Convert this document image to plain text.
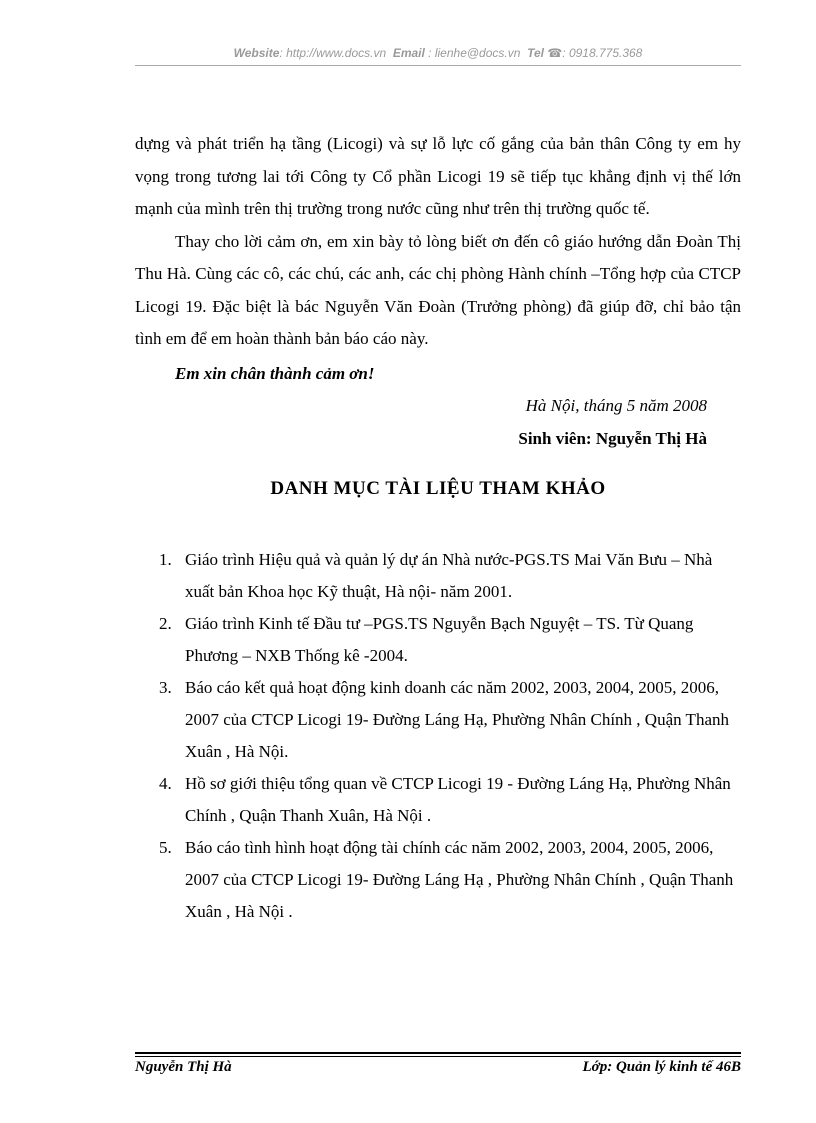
Website: http://www.docs.vn Email : lienhe@docs.vn Tel ☎: 0918.775.368

dựng và phát triển hạ tầng (Licogi) và sự lỗ lực cố gắng của bản thân Công ty em hy vọng trong tương lai tới Công ty Cổ phần Licogi 19 sẽ tiếp tục khẳng định vị thế lớn mạnh của mình trên thị trường trong nước cũng như trên thị trường quốc tế.

Thay cho lời cảm ơn, em xin bày tỏ lòng biết ơn đến cô giáo hướng dẫn Đoàn Thị Thu Hà. Cùng các cô, các chú, các anh, các chị phòng Hành chính –Tổng hợp của CTCP Licogi 19. Đặc biệt là bác Nguyễn Văn Đoàn (Trưởng phòng) đã giúp đỡ, chỉ bảo tận tình em để em hoàn thành bản báo cáo này.

Em xin chân thành cảm ơn!

Hà Nội, tháng 5 năm 2008

Sinh viên: Nguyễn Thị Hà

DANH MỤC TÀI LIỆU THAM KHẢO
1. Giáo trình Hiệu quả và quản lý dự án Nhà nước-PGS.TS Mai Văn Bưu – Nhà xuất bản Khoa học Kỹ thuật, Hà nội- năm 2001.
2. Giáo trình Kinh tế Đầu tư –PGS.TS Nguyễn Bạch Nguyệt – TS. Từ Quang Phương – NXB Thống kê -2004.
3. Báo cáo kết quả hoạt động kinh doanh các năm 2002, 2003, 2004, 2005, 2006, 2007 của CTCP Licogi 19- Đường Láng Hạ, Phường Nhân Chính , Quận Thanh Xuân , Hà Nội.
4. Hồ sơ giới thiệu tổng quan về CTCP Licogi 19 - Đường Láng Hạ, Phường Nhân Chính , Quận Thanh Xuân, Hà Nội .
5. Báo cáo tình hình hoạt động tài chính các năm 2002, 2003, 2004, 2005, 2006, 2007 của CTCP Licogi 19- Đường Láng Hạ , Phường Nhân Chính , Quận Thanh Xuân , Hà Nội .
Nguyễn Thị Hà	Lớp: Quản lý kinh tế 46B
